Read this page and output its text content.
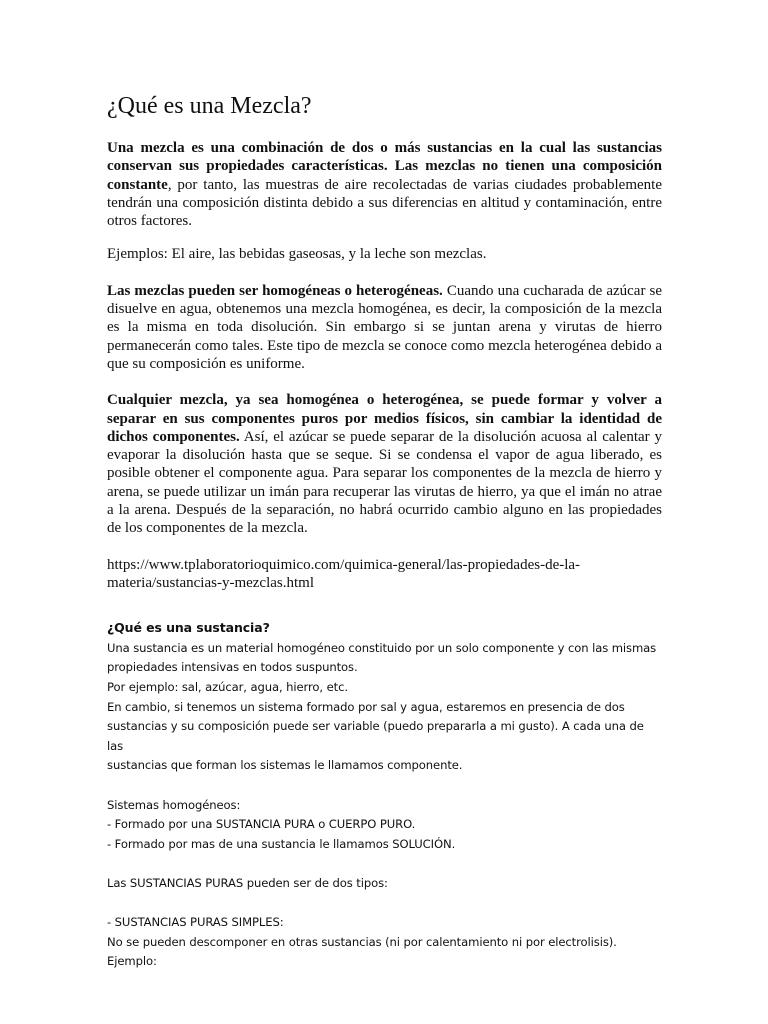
¿Qué es una Mezcla?

Una mezcla es una combinación de dos o más sustancias en la cual las sustancias conservan sus propiedades características. Las mezclas no tienen una composición constante, por tanto, las muestras de aire recolectadas de varias ciudades probablemente tendrán una composición distinta debido a sus diferencias en altitud y contaminación, entre otros factores.

Ejemplos: El aire, las bebidas gaseosas, y la leche son mezclas.

Las mezclas pueden ser homogéneas o heterogéneas. Cuando una cucharada de azúcar se disuelve en agua, obtenemos una mezcla homogénea, es decir, la composición de la mezcla es la misma en toda disolución. Sin embargo si se juntan arena y virutas de hierro permanecerán como tales. Este tipo de mezcla se conoce como mezcla heterogénea debido a que su composición es uniforme.

Cualquier mezcla, ya sea homogénea o heterogénea, se puede formar y volver a separar en sus componentes puros por medios físicos, sin cambiar la identidad de dichos componentes. Así, el azúcar se puede separar de la disolución acuosa al calentar y evaporar la disolución hasta que se seque. Si se condensa el vapor de agua liberado, es posible obtener el componente agua. Para separar los componentes de la mezcla de hierro y arena, se puede utilizar un imán para recuperar las virutas de hierro, ya que el imán no atrae a la arena. Después de la separación, no habrá ocurrido cambio alguno en las propiedades de los componentes de la mezcla.

https://www.tplaboratorioquimico.com/quimica-general/las-propiedades-de-la-
materia/sustancias-y-mezclas.html

¿Qué es una sustancia?

Una sustancia es un material homogéneo constituido por un solo componente y con las mismas

propiedades intensivas en todos suspuntos.

Por ejemplo: sal, azúcar, agua, hierro, etc.

En cambio, si tenemos un sistema formado por sal y agua, estaremos en presencia de dos

sustancias y su composición puede ser variable (puedo prepararla a mi gusto). A cada una de las

sustancias que forman los sistemas le llamamos componente.

Sistemas homogéneos:

- Formado por una SUSTANCIA PURA o CUERPO PURO.

- Formado por mas de una sustancia le llamamos SOLUCIÓN.

Las SUSTANCIAS PURAS pueden ser de dos tipos:

- SUSTANCIAS PURAS SIMPLES:

No se pueden descomponer en otras sustancias (ni por calentamiento ni por electrolisis). Ejemplo:
